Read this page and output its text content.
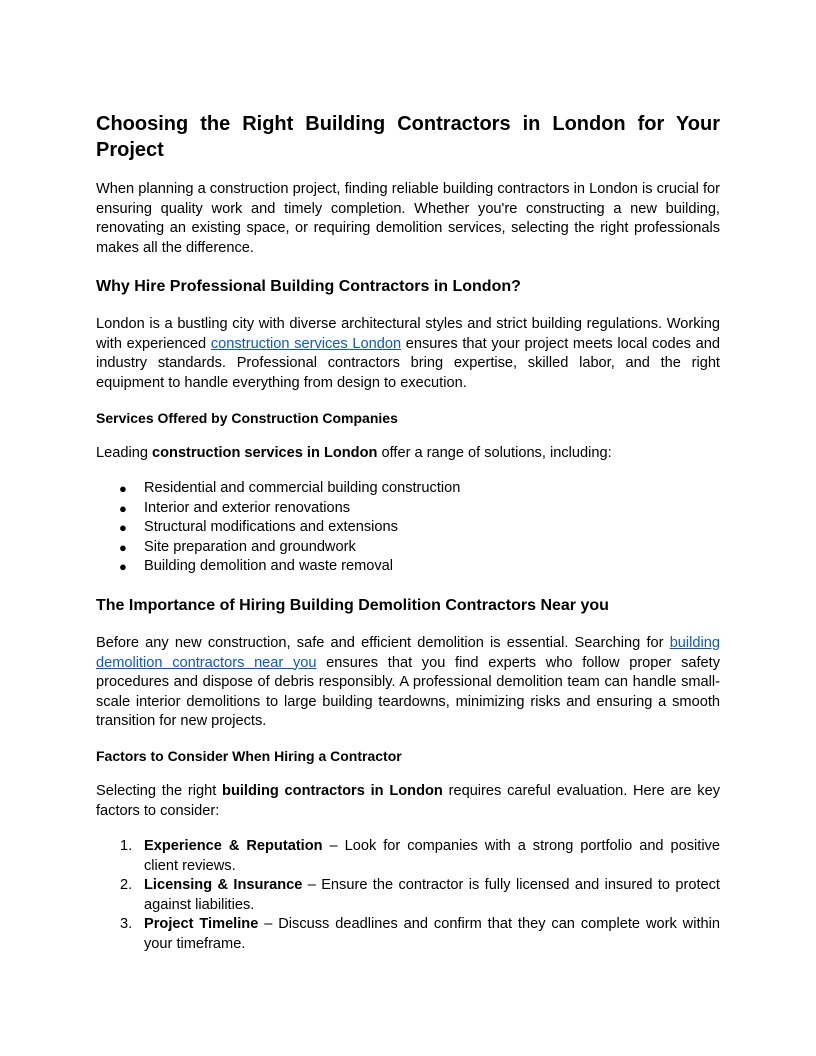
Choosing the Right Building Contractors in London for Your Project

When planning a construction project, finding reliable building contractors in London is crucial for ensuring quality work and timely completion. Whether you're constructing a new building, renovating an existing space, or requiring demolition services, selecting the right professionals makes all the difference.

Why Hire Professional Building Contractors in London?

London is a bustling city with diverse architectural styles and strict building regulations. Working with experienced construction services London ensures that your project meets local codes and industry standards. Professional contractors bring expertise, skilled labor, and the right equipment to handle everything from design to execution.

Services Offered by Construction Companies

Leading construction services in London offer a range of solutions, including:

● Residential and commercial building construction
● Interior and exterior renovations
● Structural modifications and extensions
● Site preparation and groundwork
● Building demolition and waste removal
The Importance of Hiring Building Demolition Contractors Near you

Before any new construction, safe and efficient demolition is essential. Searching for building demolition contractors near you ensures that you find experts who follow proper safety procedures and dispose of debris responsibly. A professional demolition team can handle small-scale interior demolitions to large building teardowns, minimizing risks and ensuring a smooth transition for new projects.

Factors to Consider When Hiring a Contractor

Selecting the right building contractors in London requires careful evaluation. Here are key factors to consider:

1. Experience & Reputation – Look for companies with a strong portfolio and positive client reviews.
2. Licensing & Insurance – Ensure the contractor is fully licensed and insured to protect against liabilities.
3. Project Timeline – Discuss deadlines and confirm that they can complete work within your timeframe.
